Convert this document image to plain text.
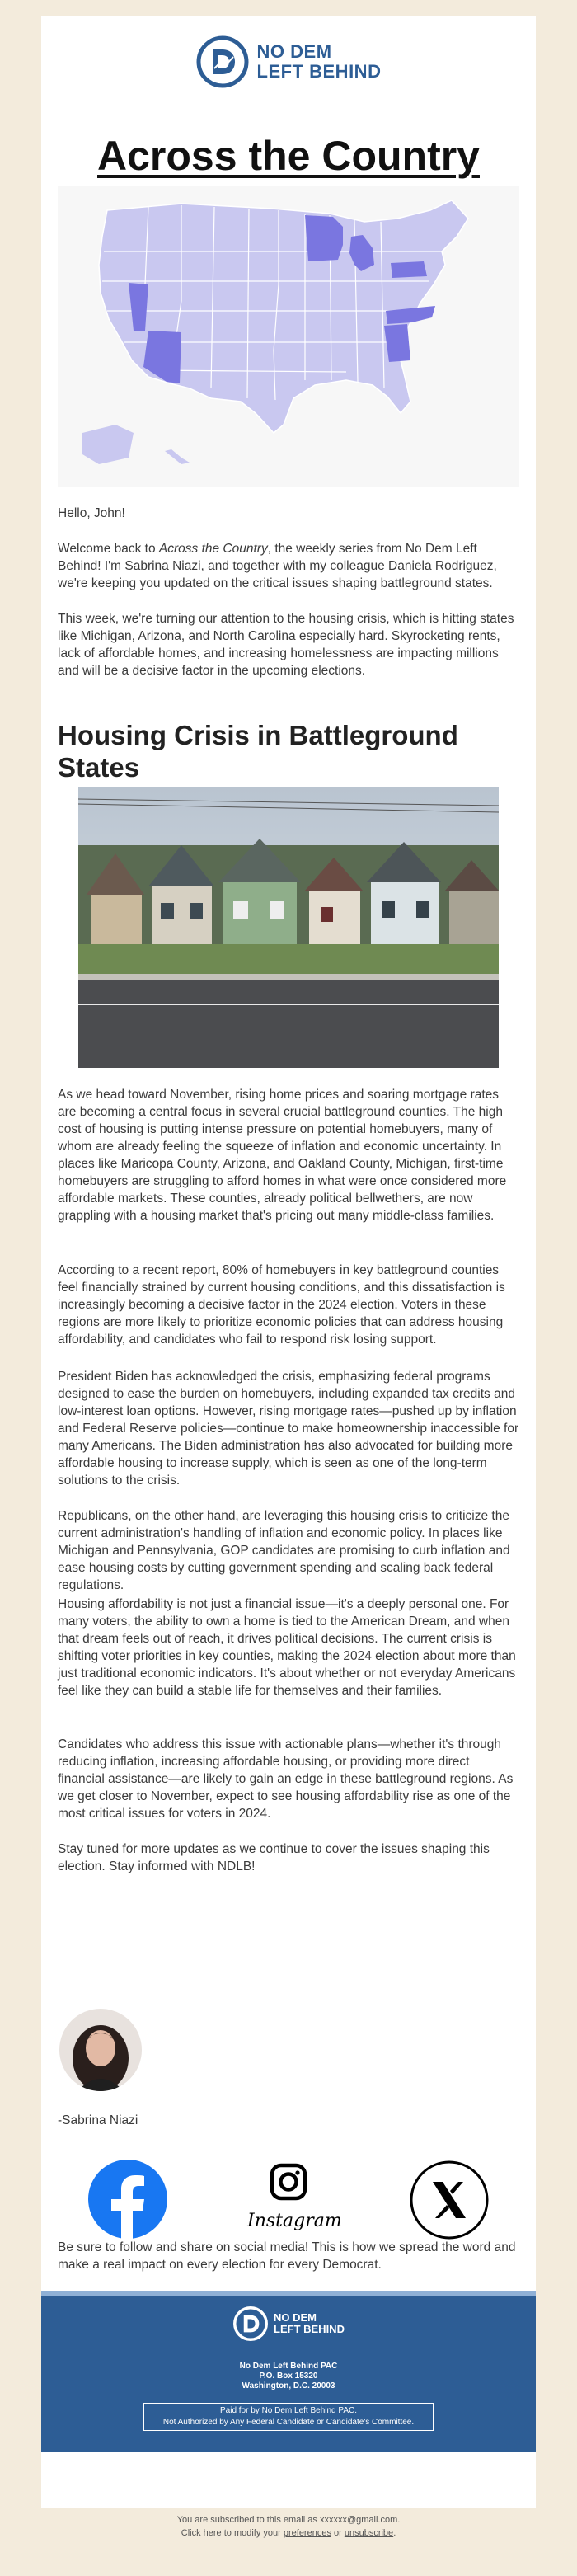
NO DEM
LEFT BEHIND
Across the Country

Hello, John!

Welcome back to Across the Country, the weekly series from No Dem Left Behind! I'm Sabrina Niazi, and together with my colleague Daniela Rodriguez, we're keeping you updated on the critical issues shaping battleground states.

This week, we're turning our attention to the housing crisis, which is hitting states like Michigan, Arizona, and North Carolina especially hard. Skyrocketing rents, lack of affordable homes, and increasing homelessness are impacting millions and will be a decisive factor in the upcoming elections.

Housing Crisis in Battleground States

As we head toward November, rising home prices and soaring mortgage rates are becoming a central focus in several crucial battleground counties. The high cost of housing is putting intense pressure on potential homebuyers, many of whom are already feeling the squeeze of inflation and economic uncertainty. In places like Maricopa County, Arizona, and Oakland County, Michigan, first-time homebuyers are struggling to afford homes in what were once considered more affordable markets. These counties, already political bellwethers, are now grappling with a housing market that's pricing out many middle-class families.

According to a recent report, 80% of homebuyers in key battleground counties feel financially strained by current housing conditions, and this dissatisfaction is increasingly becoming a decisive factor in the 2024 election. Voters in these regions are more likely to prioritize economic policies that can address housing affordability, and candidates who fail to respond risk losing support.

President Biden has acknowledged the crisis, emphasizing federal programs designed to ease the burden on homebuyers, including expanded tax credits and low-interest loan options. However, rising mortgage rates—pushed up by inflation and Federal Reserve policies—continue to make homeownership inaccessible for many Americans. The Biden administration has also advocated for building more affordable housing to increase supply, which is seen as one of the long-term solutions to the crisis.

Republicans, on the other hand, are leveraging this housing crisis to criticize the current administration's handling of inflation and economic policy. In places like Michigan and Pennsylvania, GOP candidates are promising to curb inflation and ease housing costs by cutting government spending and scaling back federal regulations.

Housing affordability is not just a financial issue—it's a deeply personal one. For many voters, the ability to own a home is tied to the American Dream, and when that dream feels out of reach, it drives political decisions. The current crisis is shifting voter priorities in key counties, making the 2024 election about more than just traditional economic indicators. It's about whether or not everyday Americans feel like they can build a stable life for themselves and their families.

Candidates who address this issue with actionable plans—whether it's through reducing inflation, increasing affordable housing, or providing more direct financial assistance—are likely to gain an edge in these battleground regions. As we get closer to November, expect to see housing affordability rise as one of the most critical issues for voters in 2024.

Stay tuned for more updates as we continue to cover the issues shaping this election. Stay informed with NDLB!

-Sabrina Niazi
Instagram

Be sure to follow and share on social media! This is how we spread the word and make a real impact on every election for every Democrat.

NO DEM
LEFT BEHIND
No Dem Left Behind PAC
P.O. Box 15320
Washington, D.C. 20003
Paid for by No Dem Left Behind PAC.
Not Authorized by Any Federal Candidate or Candidate's Committee.
You are subscribed to this email as xxxxxx@gmail.com.
Click here to modify your preferences or unsubscribe.
